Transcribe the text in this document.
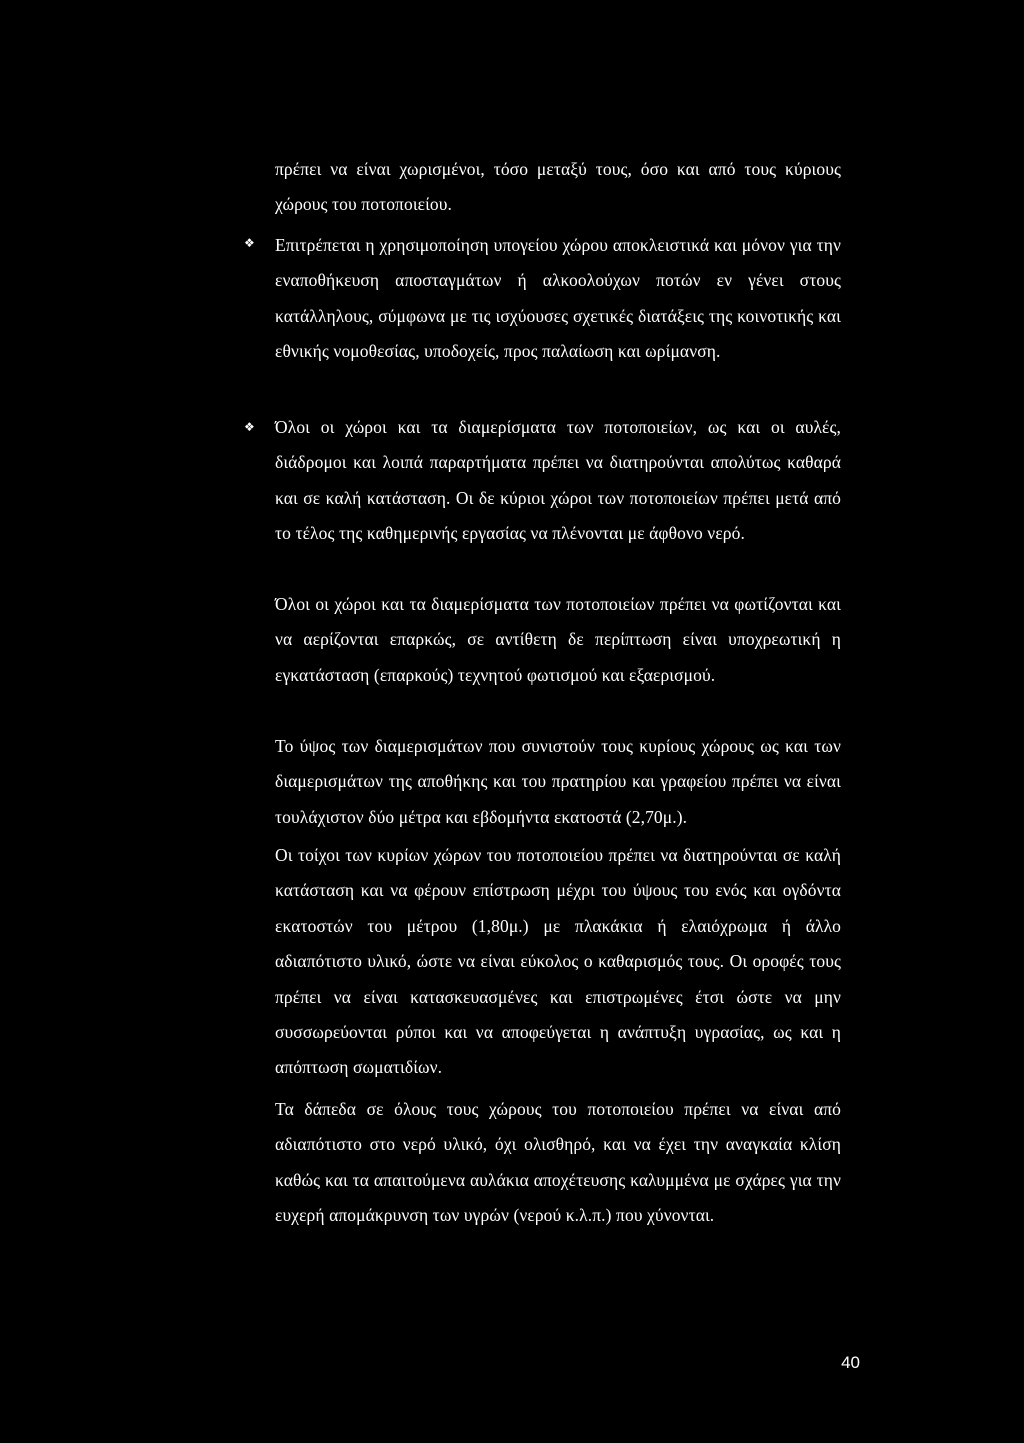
πρέπει να είναι χωρισμένοι, τόσο μεταξύ τους, όσο και από τους κύριους χώρους του ποτοποιείου.

❖ Επιτρέπεται η χρησιμοποίηση υπογείου χώρου αποκλειστικά και μόνον για την εναποθήκευση αποσταγμάτων ή αλκοολούχων ποτών εν γένει στους κατάλληλους, σύμφωνα με τις ισχύουσες σχετικές διατάξεις της κοινοτικής και εθνικής νομοθεσίας, υποδοχείς, προς παλαίωση και ωρίμανση.

❖ Όλοι οι χώροι και τα διαμερίσματα των ποτοποιείων, ως και οι αυλές, διάδρομοι και λοιπά παραρτήματα πρέπει να διατηρούνται απολύτως καθαρά και σε καλή κατάσταση. Οι δε κύριοι χώροι των ποτοποιείων πρέπει μετά από το τέλος της καθημερινής εργασίας να πλένονται με άφθονο νερό.

Όλοι οι χώροι και τα διαμερίσματα των ποτοποιείων πρέπει να φωτίζονται και να αερίζονται επαρκώς, σε αντίθετη δε περίπτωση είναι υποχρεωτική η εγκατάσταση (επαρκούς) τεχνητού φωτισμού και εξαερισμού.

Το ύψος των διαμερισμάτων που συνιστούν τους κυρίους χώρους ως και των διαμερισμάτων της αποθήκης και του πρατηρίου και γραφείου πρέπει να είναι τουλάχιστον δύο μέτρα και εβδομήντα εκατοστά (2,70μ.).

Οι τοίχοι των κυρίων χώρων του ποτοποιείου πρέπει να διατηρούνται σε καλή κατάσταση και να φέρουν επίστρωση μέχρι του ύψους του ενός και ογδόντα εκατοστών του μέτρου (1,80μ.) με πλακάκια ή ελαιόχρωμα ή άλλο αδιαπότιστο υλικό, ώστε να είναι εύκολος ο καθαρισμός τους. Οι οροφές τους πρέπει να είναι κατασκευασμένες και επιστρωμένες έτσι ώστε να μην συσσωρεύονται ρύποι και να αποφεύγεται η ανάπτυξη υγρασίας, ως και η απόπτωση σωματιδίων.

Τα δάπεδα σε όλους τους χώρους του ποτοποιείου πρέπει να είναι από αδιαπότιστο στο νερό υλικό, όχι ολισθηρό, και να έχει την αναγκαία κλίση καθώς και τα απαιτούμενα αυλάκια αποχέτευσης καλυμμένα με σχάρες για την ευχερή απομάκρυνση των υγρών (νερού κ.λ.π.) που χύνονται.

40
